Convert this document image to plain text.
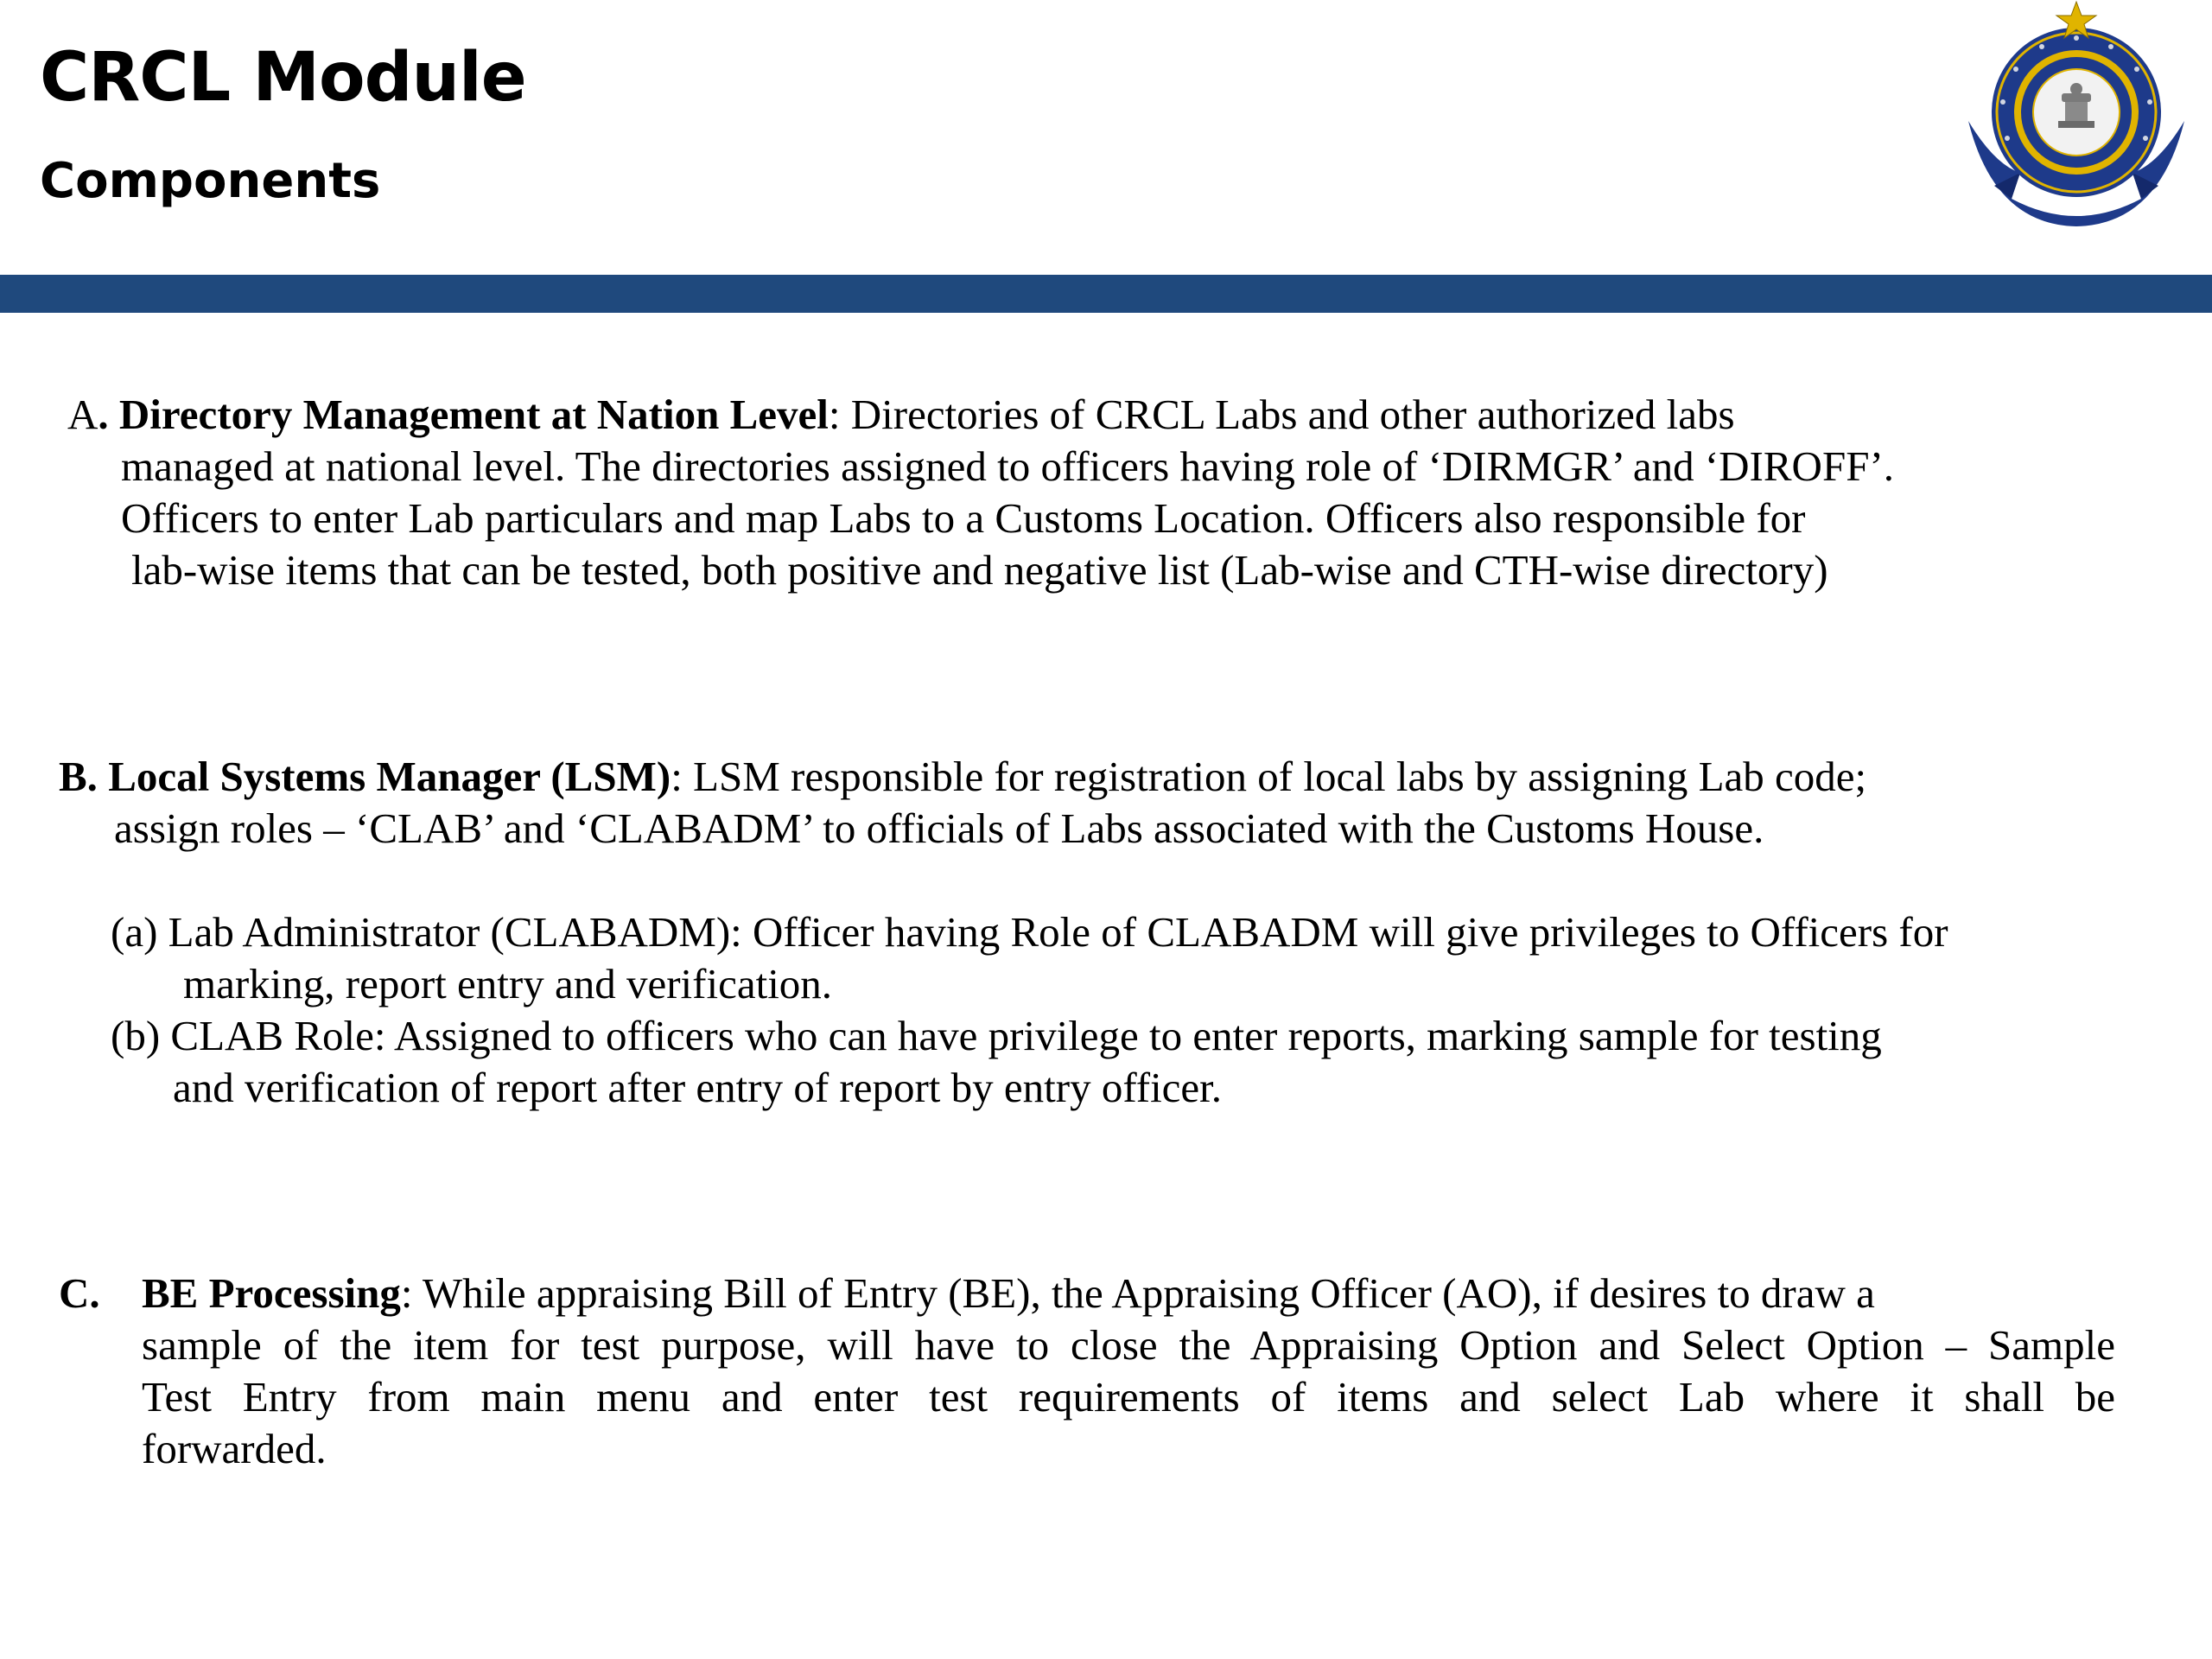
CRCL Module
Components
A. Directory Management at Nation Level: Directories of CRCL Labs and other authorized labs
managed at national level. The directories assigned to officers having role of ‘DIRMGR’ and ‘DIROFF’.
Officers to enter Lab particulars and map Labs to a Customs Location. Officers also responsible for
lab-wise items that can be tested, both positive and negative list (Lab-wise and CTH-wise directory)
B. Local Systems Manager (LSM): LSM responsible for registration of local labs by assigning Lab code;
assign roles – ‘CLAB’ and ‘CLABADM’ to officials of Labs associated with the Customs House.
(a) Lab Administrator (CLABADM): Officer having Role of CLABADM will give privileges to Officers for
marking, report entry and verification.
(b) CLAB Role: Assigned to officers who can have privilege to enter reports, marking sample for testing
and verification of report after entry of report by entry officer.
C. BE Processing: While appraising Bill of Entry (BE), the Appraising Officer (AO), if desires to draw a
sample of the item for test purpose, will have to close the Appraising Option and Select Option – Sample
Test Entry from main menu and enter test requirements of items and select Lab where it shall be
forwarded.
